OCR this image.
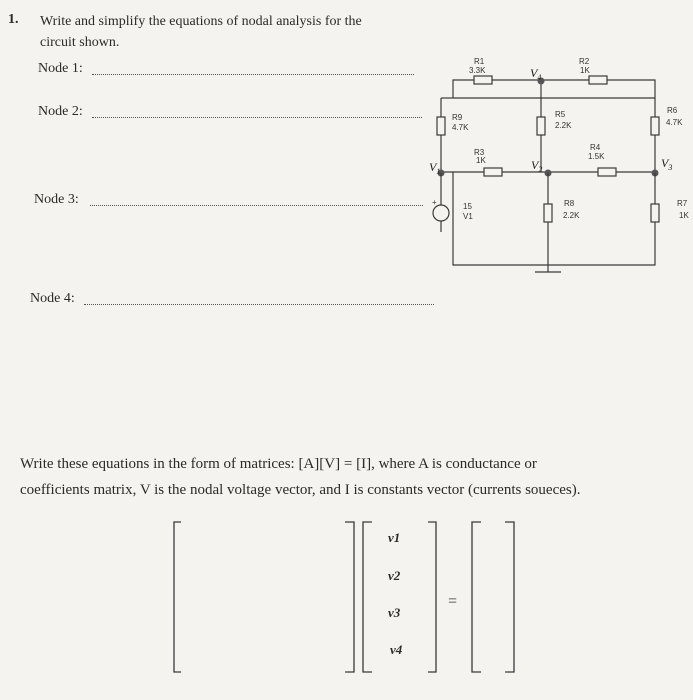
1. Write and simplify the equations of nodal analysis for the
circuit shown.
Node 1:
Node 2:
Node 3:
Node 4:
R1
3.3K
R2
1K
$V_4$
R9
4.7K
R5
2.2K
R6
4.7K
R3
1K
R4
1.5K
$V_1$	$V_2$	$V_3$
+	15
V1
R8
2.2K
R7
1K
Write these equations in the form of matrices: [A][V] = [I], where A is conductance or
coefficients matrix, V is the nodal voltage vector, and I is constants vector (currents soueces).
=
v1
v2
v3
v4
